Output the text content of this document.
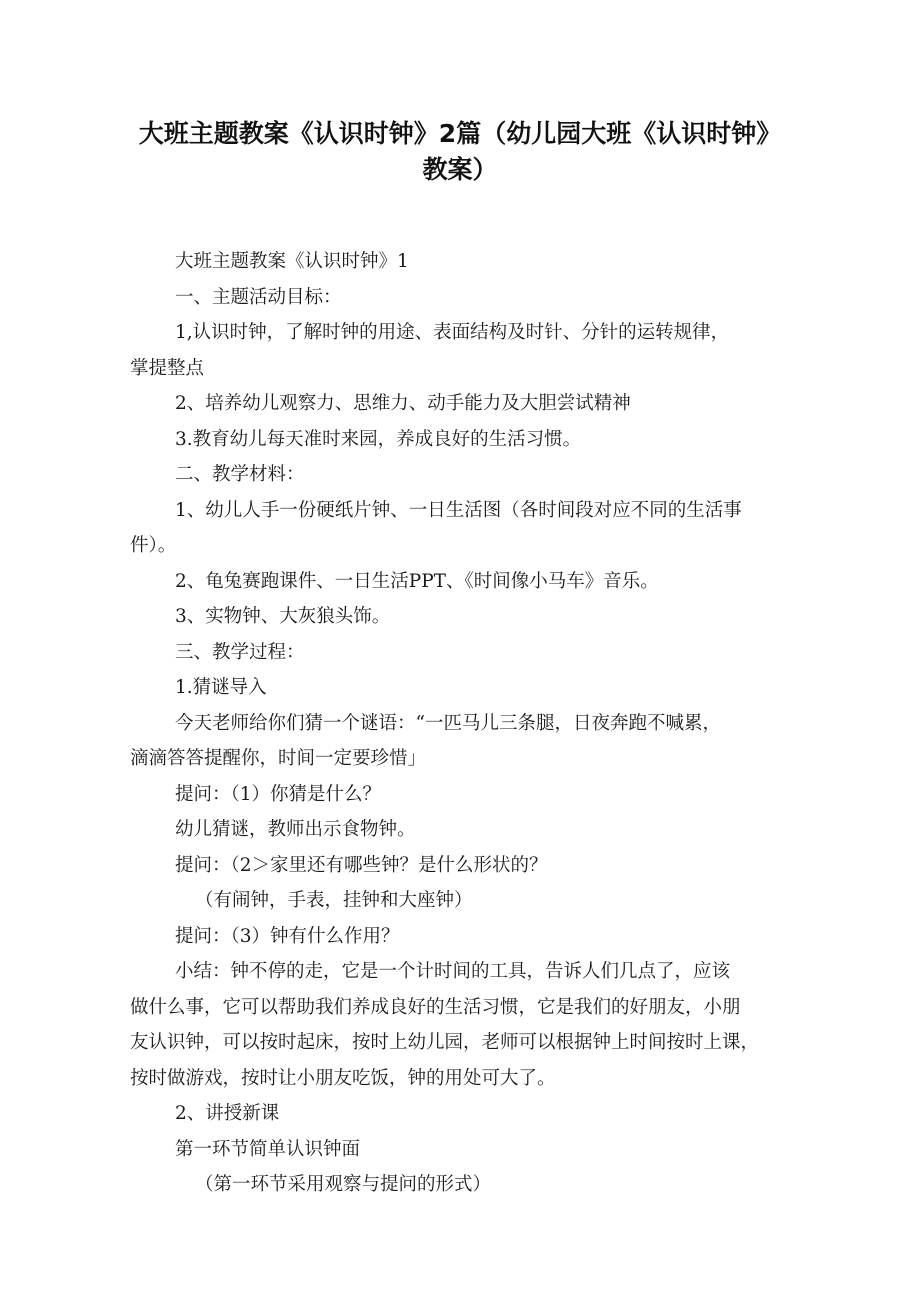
大班主题教案《认识时钟》2篇（幼儿园大班《认识时钟》
教案）

大班主题教案《认识时钟》1

一、主题活动目标：

1,认识时钟，了解时钟的用途、表面结构及时针、分针的运转规律，

掌提整点

2、培养幼儿观察力、思维力、动手能力及大胆尝试精神

3.教育幼儿每天准时来园，养成良好的生活习惯。

二、教学材料：

1、幼儿人手一份硬纸片钟、一日生活图（各时间段对应不同的生活事

件）。

2、龟兔赛跑课件、一日生活PPT、《时间像小马车》音乐。

3、实物钟、大灰狼头饰。

三、教学过程：

1.猜谜导入

今天老师给你们猜一个谜语：“一匹马儿三条腿，日夜奔跑不喊累，

滴滴答答提醒你，时间一定要珍惜」

提问：（1）你猜是什么？

幼儿猜谜，教师出示食物钟。

提问：（2＞家里还有哪些钟？是什么形状的？

（有闹钟，手表，挂钟和大座钟）

提问：（3）钟有什么作用？

小结：钟不停的走，它是一个计时间的工具，告诉人们几点了，应该

做什么事，它可以帮助我们养成良好的生活习惯，它是我们的好朋友，小朋

友认识钟，可以按时起床，按时上幼儿园，老师可以根据钟上时间按时上课，

按时做游戏，按时让小朋友吃饭，钟的用处可大了。

2、讲授新课

第一环节简单认识钟面

（第一环节采用观察与提问的形式）
